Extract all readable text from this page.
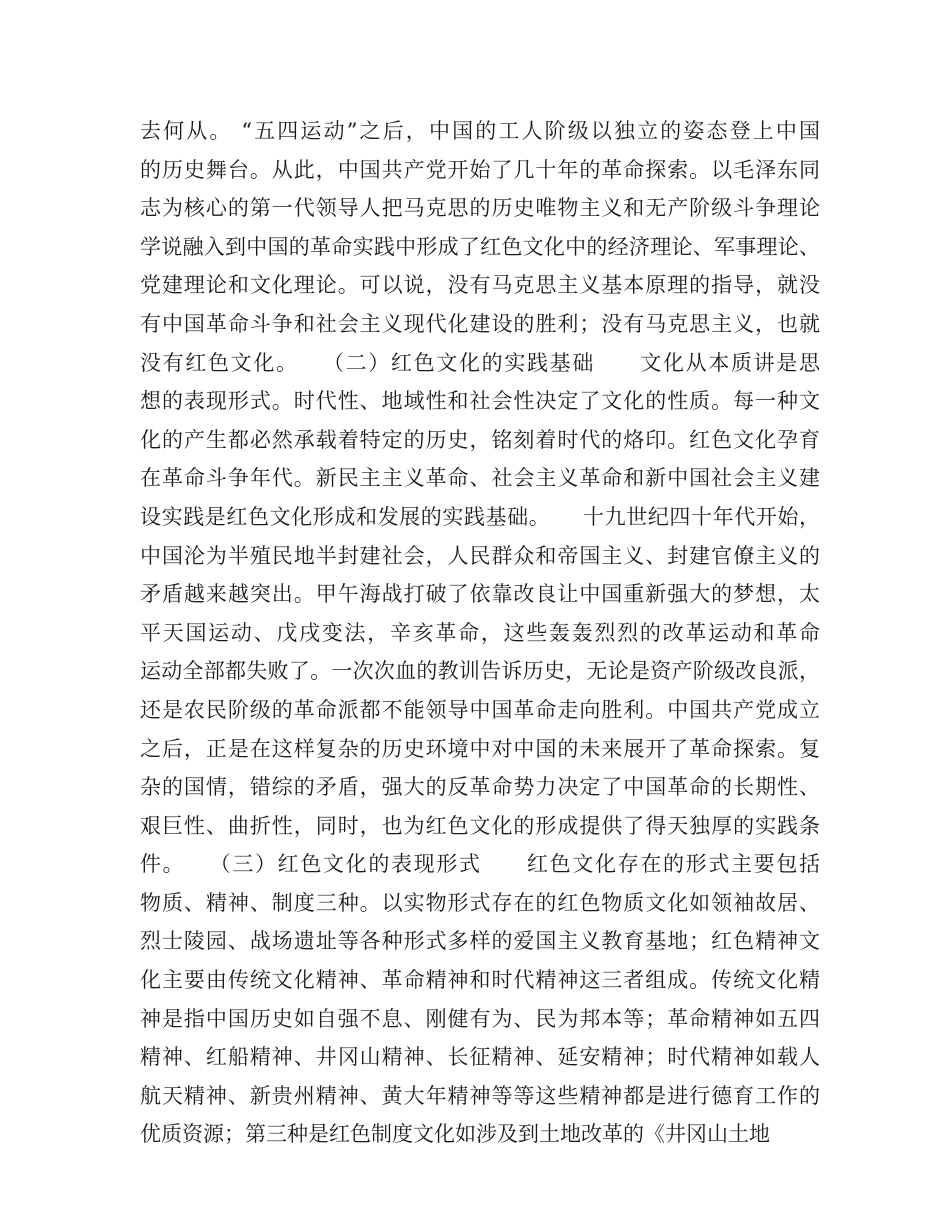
去何从。 “五四运动”之后，中国的工人阶级以独立的姿态登上中国
的历史舞台。从此，中国共产党开始了几十年的革命探索。以毛泽东同
志为核心的第一代领导人把马克思的历史唯物主义和无产阶级斗争理论
学说融入到中国的革命实践中形成了红色文化中的经济理论、军事理论、
党建理论和文化理论。可以说，没有马克思主义基本原理的指导，就没
有中国革命斗争和社会主义现代化建设的胜利；没有马克思主义，也就
没有红色文化。　　（二）红色文化的实践基础　　文化从本质讲是思
想的表现形式。时代性、地域性和社会性决定了文化的性质。每一种文
化的产生都必然承载着特定的历史，铭刻着时代的烙印。红色文化孕育
在革命斗争年代。新民主主义革命、社会主义革命和新中国社会主义建
设实践是红色文化形成和发展的实践基础。　　十九世纪四十年代开始，
中国沦为半殖民地半封建社会，人民群众和帝国主义、封建官僚主义的
矛盾越来越突出。甲午海战打破了依靠改良让中国重新强大的梦想，太
平天国运动、戊戌变法，辛亥革命，这些轰轰烈烈的改革运动和革命
运动全部都失败了。一次次血的教训告诉历史，无论是资产阶级改良派，
还是农民阶级的革命派都不能领导中国革命走向胜利。中国共产党成立
之后，正是在这样复杂的历史环境中对中国的未来展开了革命探索。复
杂的国情，错综的矛盾，强大的反革命势力决定了中国革命的长期性、
艰巨性、曲折性，同时，也为红色文化的形成提供了得天独厚的实践条
件。　　（三）红色文化的表现形式　　红色文化存在的形式主要包括
物质、精神、制度三种。以实物形式存在的红色物质文化如领袖故居、
烈士陵园、战场遗址等各种形式多样的爱国主义教育基地；红色精神文
化主要由传统文化精神、革命精神和时代精神这三者组成。传统文化精
神是指中国历史如自强不息、刚健有为、民为邦本等；革命精神如五四
精神、红船精神、井冈山精神、长征精神、延安精神；时代精神如载人
航天精神、新贵州精神、黄大年精神等等这些精神都是进行德育工作的
优质资源；第三种是红色制度文化如涉及到土地改革的《井冈山土地
